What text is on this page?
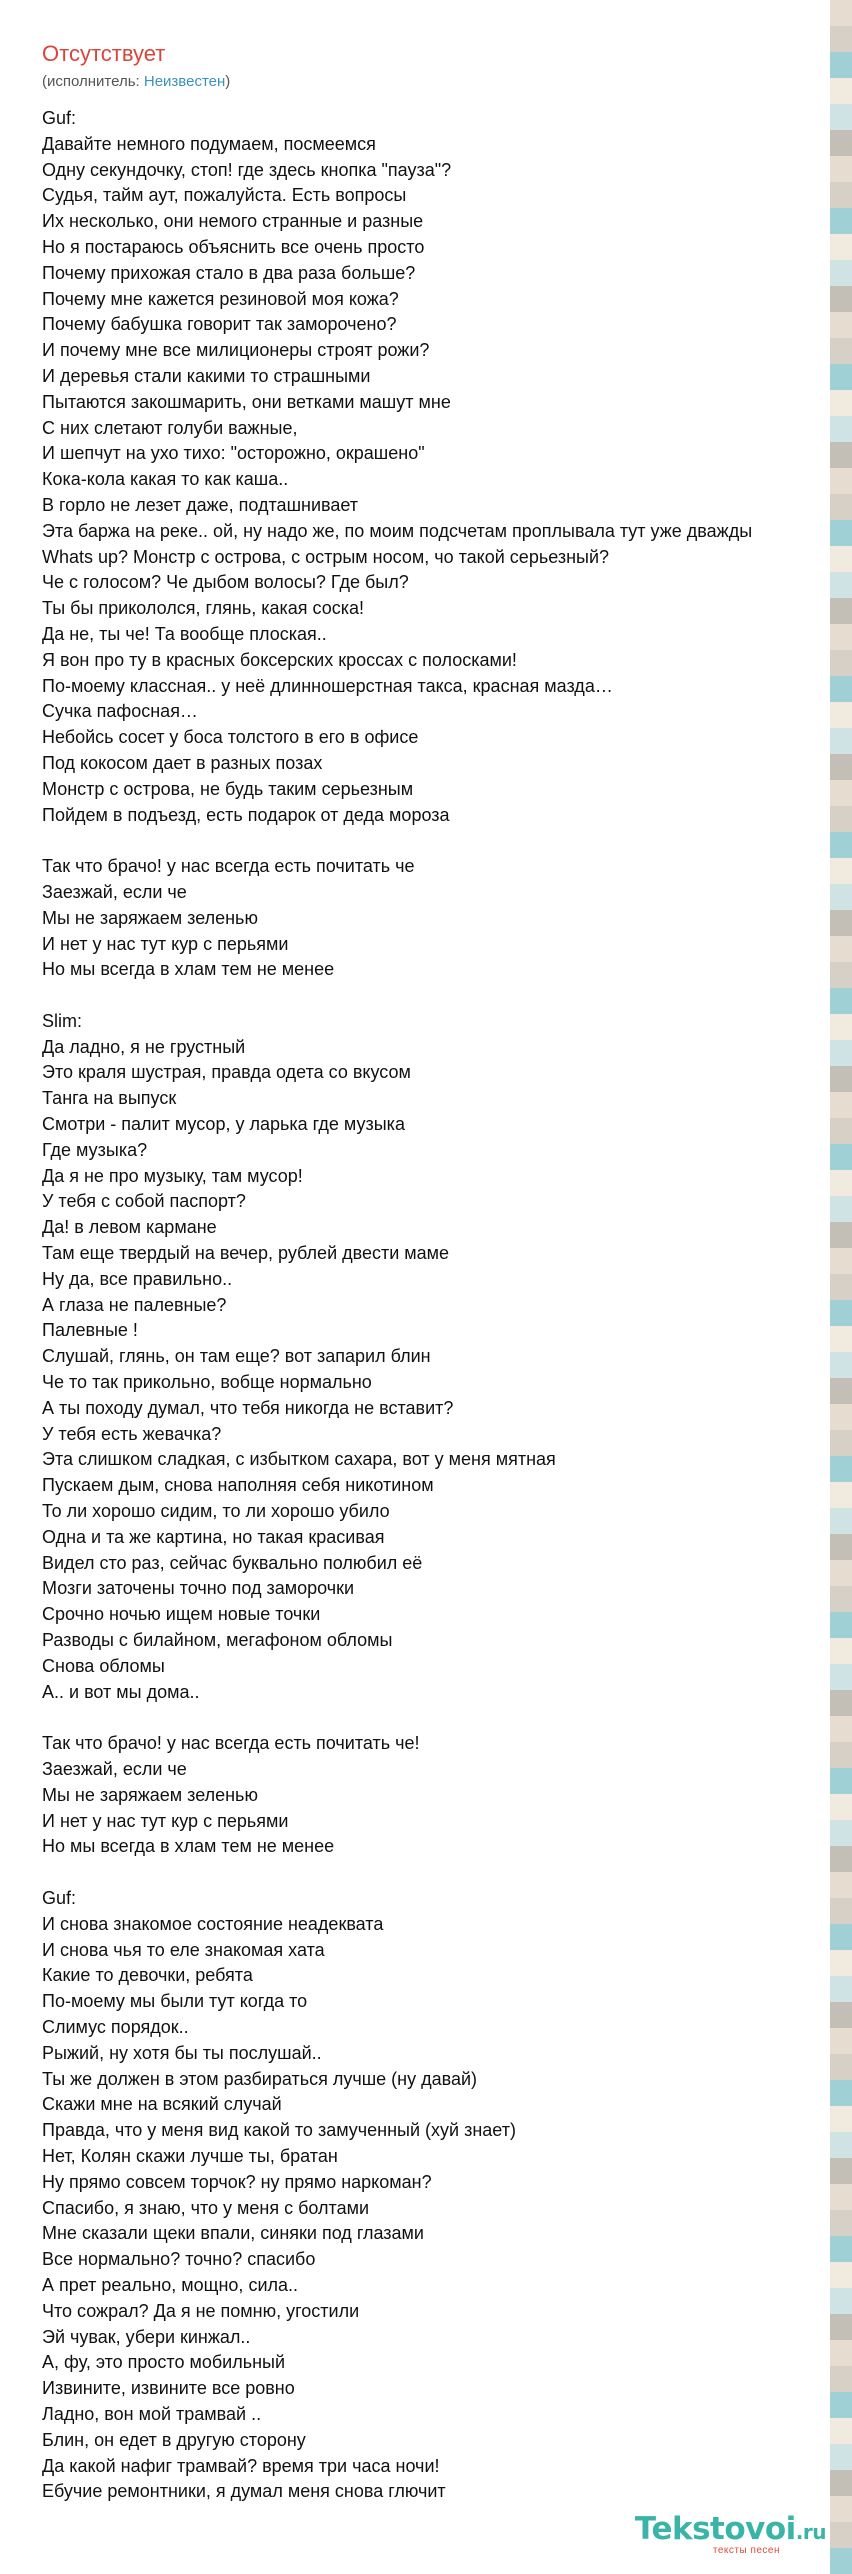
Отсутствует
(исполнитель: Неизвестен)
Guf:
Давайте немного подумаем, посмеемся
Одну секундочку, стоп! где здесь кнопка "пауза"?
Судья, тайм аут, пожалуйста. Есть вопросы
Их несколько, они немого странные и разные
Но я постараюсь объяснить все очень просто
Почему прихожая стало в два раза больше?
Почему мне кажется резиновой моя кожа?
Почему бабушка говорит так заморочено?
И почему мне все милиционеры строят рожи?
И деревья стали какими то страшными
Пытаются закошмарить, они ветками машут мне
С них слетают голуби важные,
И шепчут на ухо тихо: "осторожно, окрашено"
Кока-кола какая то как каша..
В горло не лезет даже, подташнивает
Эта баржа на реке.. ой, ну надо же, по моим подсчетам проплывала тут уже дважды
Whats up? Монстр с острова, с острым носом, чо такой серьезный?
Че с голосом? Че дыбом волосы? Где был?
Ты бы прикололся, глянь, какая соска!
Да не, ты че! Та вообще плоская..
Я вон про ту в красных боксерских кроссах с полосками!
По-моему классная.. у неё длинношерстная такса, красная мазда…
Сучка пафосная…
Небойсь сосет у боса толстого в его в офисе
Под кокосом дает в разных позах
Монстр с острова, не будь таким серьезным
Пойдем в подъезд, есть подарок от деда мороза
Так что брачо! у нас всегда есть почитать че
Заезжай, если че
Мы не заряжаем зеленью
И нет у нас тут кур с перьями
Но мы всегда в хлам тем не менее
Slim:
Да ладно, я не грустный
Это краля шустрая, правда одета со вкусом
Танга на выпуск
Смотри - палит мусор, у ларька где музыка
Где музыка?
Да я не про музыку, там мусор!
У тебя с собой паспорт?
Да! в левом кармане
Там еще твердый на вечер, рублей двести маме
Ну да, все правильно..
А глаза не палевные?
Палевные !
Слушай, глянь, он там еще? вот запарил блин
Че то так прикольно, вобще нормально
А ты походу думал, что тебя никогда не вставит?
У тебя есть жевачка?
Эта слишком сладкая, с избытком сахара, вот у меня мятная
Пускаем дым, снова наполняя себя никотином
То ли хорошо сидим, то ли хорошо убило
Одна и та же картина, но такая красивая
Видел сто раз, сейчас буквально полюбил её
Мозги заточены точно под заморочки
Срочно ночью ищем новые точки
Разводы с билайном, мегафоном обломы
Снова обломы
А.. и вот мы дома..
Так что брачо! у нас всегда есть почитать че!
Заезжай, если че
Мы не заряжаем зеленью
И нет у нас тут кур с перьями
Но мы всегда в хлам тем не менее
Guf:
И снова знакомое состояние неадеквата
И снова чья то еле знакомая хата
Какие то девочки, ребята
По-моему мы были тут когда то
Слимус порядок..
Рыжий, ну хотя бы ты послушай..
Ты же должен в этом разбираться лучше (ну давай)
Скажи мне на всякий случай
Правда, что у меня вид какой то замученный (хуй знает)
Нет, Колян скажи лучше ты, братан
Ну прямо совсем торчок? ну прямо наркоман?
Спасибо, я знаю, что у меня с болтами
Мне сказали щеки впали, синяки под глазами
Все нормально? точно? спасибо
А прет реально, мощно, сила..
Что сожрал? Да я не помню, угостили
Эй чувак, убери кинжал..
А, фу, это просто мобильный
Извините, извините все ровно
Ладно, вон мой трамвай ..
Блин, он едет в другую сторону
Да какой нафиг трамвай? время три часа ночи!
Ебучие ремонтники, я думал меня снова глючит
Tekstovoi.ru
тексты песен
